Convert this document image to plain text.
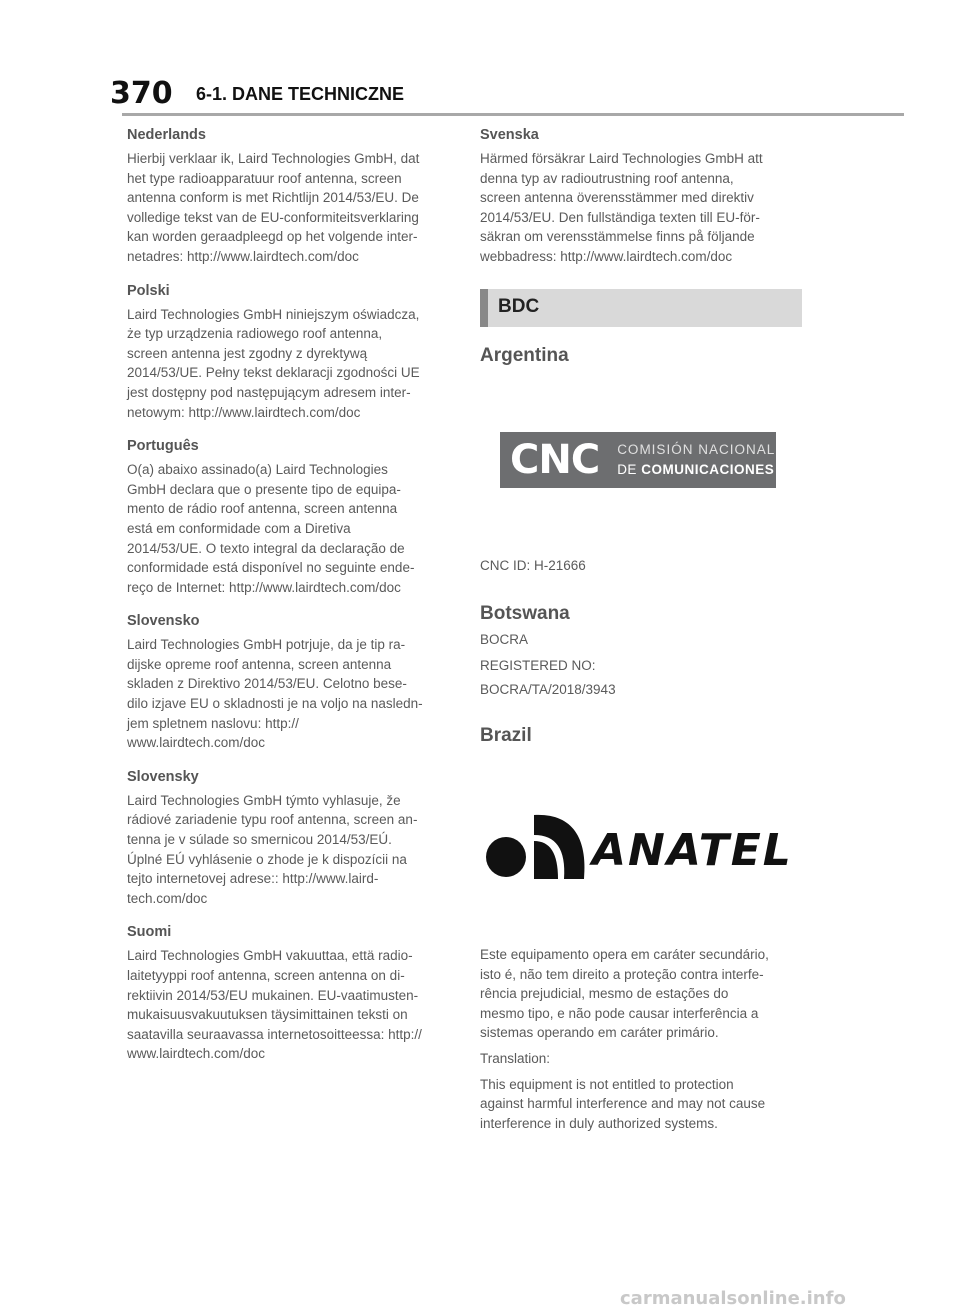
370 6-1. DANE TECHNICZNE
Nederlands

Hierbij verklaar ik, Laird Technologies GmbH, dat
het type radioapparatuur roof antenna, screen
antenna conform is met Richtlijn 2014/53/EU. De
volledige tekst van de EU-conformiteitsverklaring
kan worden geraadpleegd op het volgende inter-
netadres: http://www.lairdtech.com/doc

Polski

Laird Technologies GmbH niniejszym oświadcza,
że typ urządzenia radiowego roof antenna,
screen antenna jest zgodny z dyrektywą
2014/53/UE. Pełny tekst deklaracji zgodności UE
jest dostępny pod następującym adresem inter-
netowym: http://www.lairdtech.com/doc

Português

O(a) abaixo assinado(a) Laird Technologies
GmbH declara que o presente tipo de equipa-
mento de rádio roof antenna, screen antenna
está em conformidade com a Diretiva
2014/53/UE. O texto integral da declaração de
conformidade está disponível no seguinte ende-
reço de Internet: http://www.lairdtech.com/doc

Slovensko

Laird Technologies GmbH potrjuje, da je tip ra-
dijske opreme roof antenna, screen antenna
skladen z Direktivo 2014/53/EU. Celotno bese-
dilo izjave EU o skladnosti je na voljo na nasledn-
jem spletnem naslovu: http://
www.lairdtech.com/doc

Slovensky

Laird Technologies GmbH týmto vyhlasuje, že
rádiové zariadenie typu roof antenna, screen an-
tenna je v súlade so smernicou 2014/53/EÚ.
Úplné EÚ vyhlásenie o zhode je k dispozícii na
tejto internetovej adrese:: http://www.laird-
tech.com/doc

Suomi

Laird Technologies GmbH vakuuttaa, että radio-
laitetyyppi roof antenna, screen antenna on di-
rektiivin 2014/53/EU mukainen. EU-vaatimusten-
mukaisuusvakuutuksen täysimittainen teksti on
saatavilla seuraavassa internetosoitteessa: http://
www.lairdtech.com/doc

Svenska

Härmed försäkrar Laird Technologies GmbH att
denna typ av radioutrustning roof antenna,
screen antenna överensstämmer med direktiv
2014/53/EU. Den fullständiga texten till EU-för-
säkran om verensstämmelse finns på följande
webbadress: http://www.lairdtech.com/doc

BDC
Argentina
CNC COMISIÓN NACIONAL
DE COMUNICACIONES
CNC ID: H-21666
Botswana
BOCRA
REGISTERED NO:
BOCRA/TA/2018/3943
Brazil
ANATEL

Este equipamento opera em caráter secundário,
isto é, não tem direito a proteção contra interfe-
rência prejudicial, mesmo de estações do
mesmo tipo, e não pode causar interferência a
sistemas operando em caráter primário.

Translation:

This equipment is not entitled to protection
against harmful interference and may not cause
interference in duly authorized systems.

carmanualsonline.info
